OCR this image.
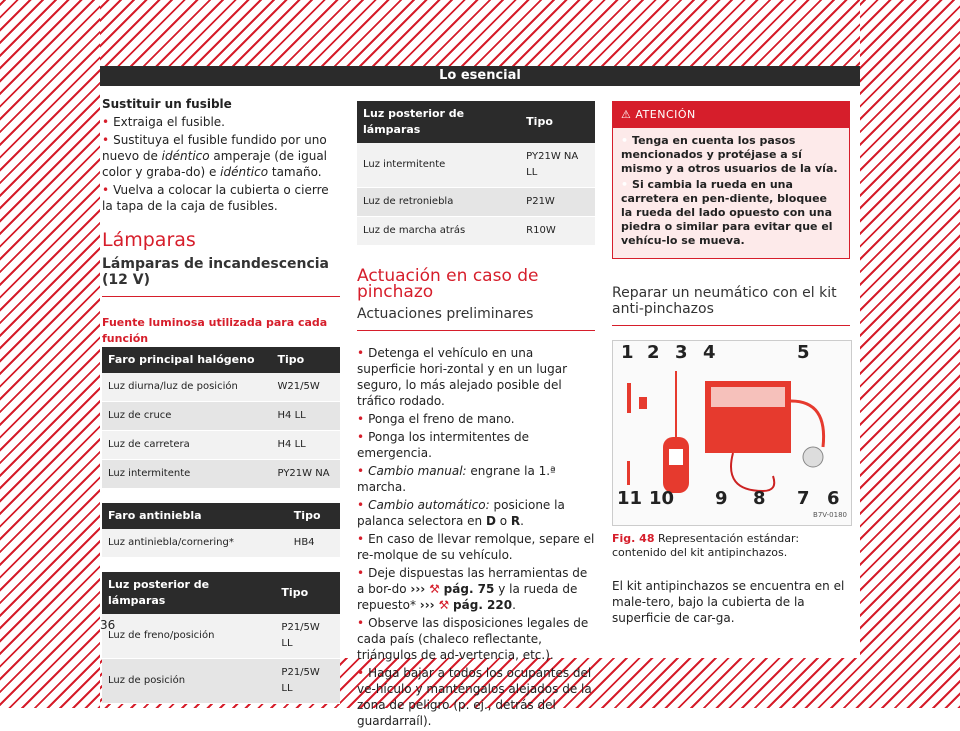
Lo esencial
Sustituir un fusible
• Extraiga el fusible.
• Sustituya el fusible fundido por uno nuevo de idéntico amperaje (de igual color y graba-do) e idéntico tamaño.
• Vuelva a colocar la cubierta o cierre la tapa de la caja de fusibles.
Lámparas
Lámparas de incandescencia (12 V)
Fuente luminosa utilizada para cada función
Faro principal halógeno	Tipo
Luz diurna/luz de posición	W21/5W
Luz de cruce	H4 LL
Luz de carretera	H4 LL
Luz intermitente	PY21W NA
Faro antiniebla	Tipo
Luz antiniebla/cornering*	HB4
Luz posterior de lámparas	Tipo
Luz de freno/posición	P21/5W LL
Luz de posición	P21/5W LL
Luz posterior de lámparas	Tipo
Luz intermitente	PY21W NA LL
Luz de retroniebla	P21W
Luz de marcha atrás	R10W
Actuación en caso de pinchazo
Actuaciones preliminares
• Detenga el vehículo en una superficie hori-zontal y en un lugar seguro, lo más alejado posible del tráfico rodado.
• Ponga el freno de mano.
• Ponga los intermitentes de emergencia.
• Cambio manual: engrane la 1.ª marcha.
• Cambio automático: posicione la palanca selectora en D o R.
• En caso de llevar remolque, separe el re-molque de su vehículo.
• Deje dispuestas las herramientas de a bor-do ››› ⚒ pág. 75 y la rueda de repuesto* ››› ⚒ pág. 220.
• Observe las disposiciones legales de cada país (chaleco reflectante, triángulos de ad-vertencia, etc.).
• Haga bajar a todos los ocupantes del ve-hículo y manténgalos alejados de la zona de peligro (p. ej., detrás del guardarraíl).
⚠ ATENCIÓN
• Tenga en cuenta los pasos mencionados y protéjase a sí mismo y a otros usuarios de la vía.
• Si cambia la rueda en una carretera en pen-diente, bloquee la rueda del lado opuesto con una piedra o similar para evitar que el vehícu-lo se mueva.
Reparar un neumático con el kit anti-pinchazos
1 2 3 4	5
6
7
8
9
10
11
B7V-0180
Fig. 48 Representación estándar: contenido del kit antipinchazos.
El kit antipinchazos se encuentra en el male-tero, bajo la cubierta de la superficie de car-ga.
36
